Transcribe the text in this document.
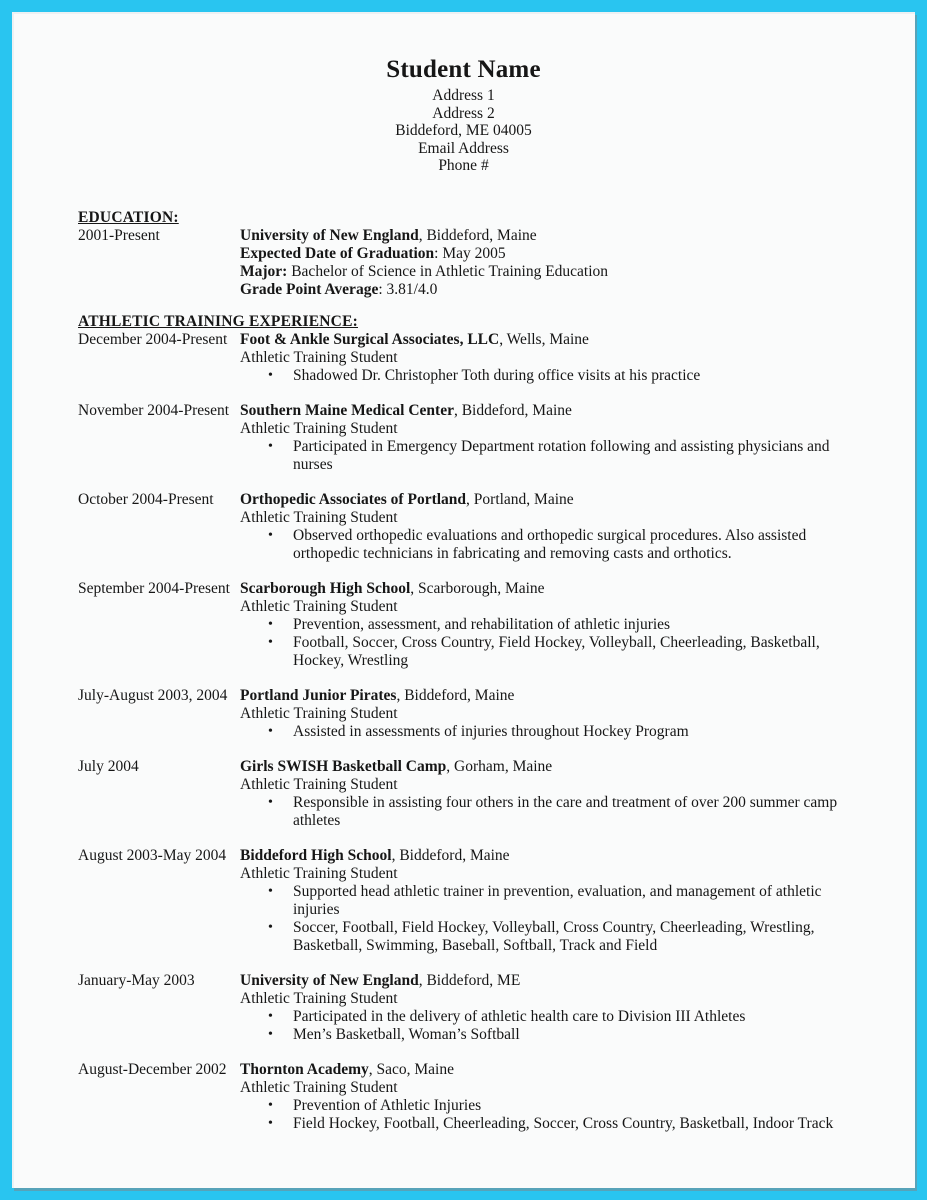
Student Name
Address 1
Address 2
Biddeford, ME 04005
Email Address
Phone #
EDUCATION:
2001-Present	University of New England, Biddeford, Maine
Expected Date of Graduation: May 2005
Major: Bachelor of Science in Athletic Training Education
Grade Point Average: 3.81/4.0
ATHLETIC TRAINING EXPERIENCE:
December 2004-Present Foot & Ankle Surgical Associates, LLC, Wells, Maine
Athletic Training Student
•	Shadowed Dr. Christopher Toth during office visits at his practice
November 2004-Present Southern Maine Medical Center, Biddeford, Maine
Athletic Training Student
•	Participated in Emergency Department rotation following and assisting physicians and nurses
October 2004-Present	Orthopedic Associates of Portland, Portland, Maine
Athletic Training Student
•	Observed orthopedic evaluations and orthopedic surgical procedures. Also assisted orthopedic technicians in fabricating and removing casts and orthotics.
September 2004-Present Scarborough High School, Scarborough, Maine
Athletic Training Student
•	Prevention, assessment, and rehabilitation of athletic injuries
•	Football, Soccer, Cross Country, Field Hockey, Volleyball, Cheerleading, Basketball, Hockey, Wrestling
July-August 2003, 2004 Portland Junior Pirates, Biddeford, Maine
Athletic Training Student
•	Assisted in assessments of injuries throughout Hockey Program
July 2004	Girls SWISH Basketball Camp, Gorham, Maine
Athletic Training Student
•	Responsible in assisting four others in the care and treatment of over 200 summer camp athletes
August 2003-May 2004 Biddeford High School, Biddeford, Maine
Athletic Training Student
•	Supported head athletic trainer in prevention, evaluation, and management of athletic injuries
•	Soccer, Football, Field Hockey, Volleyball, Cross Country, Cheerleading, Wrestling, Basketball, Swimming, Baseball, Softball, Track and Field
January-May 2003	University of New England, Biddeford, ME
Athletic Training Student
•	Participated in the delivery of athletic health care to Division III Athletes
•	Men’s Basketball, Woman’s Softball
August-December 2002 Thornton Academy, Saco, Maine
Athletic Training Student
•	Prevention of Athletic Injuries
•	Field Hockey, Football, Cheerleading, Soccer, Cross Country, Basketball, Indoor Track
